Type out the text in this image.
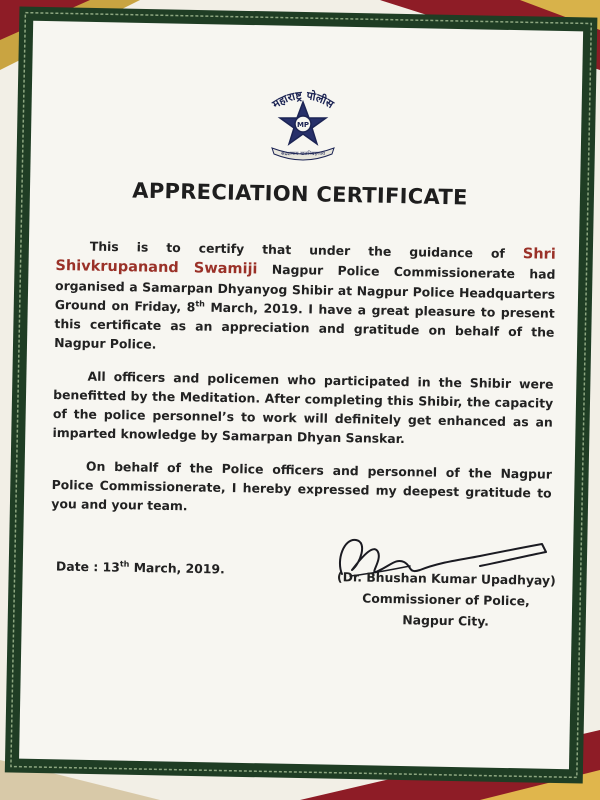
महाराष्ट्र पोलीस
MP
सद्रक्षणाय खलनिग्रहणाय
APPRECIATION CERTIFICATE

This is to certify that under the guidance of Shri Shivkrupanand Swamiji Nagpur Police Commissionerate had organised a Samarpan Dhyanyog Shibir at Nagpur Police Headquarters Ground on Friday, 8th March, 2019. I have a great pleasure to present this certificate as an appreciation and gratitude on behalf of the Nagpur Police.

All officers and policemen who participated in the Shibir were benefitted by the Meditation. After completing this Shibir, the capacity of the police personnel’s to work will definitely get enhanced as an imparted knowledge by Samarpan Dhyan Sanskar.

On behalf of the Police officers and personnel of the Nagpur Police Commissionerate, I hereby expressed my deepest gratitude to you and your team.

Date : 13th March, 2019.
(Dr. Bhushan Kumar Upadhyay)
Commissioner of Police,
Nagpur City.
